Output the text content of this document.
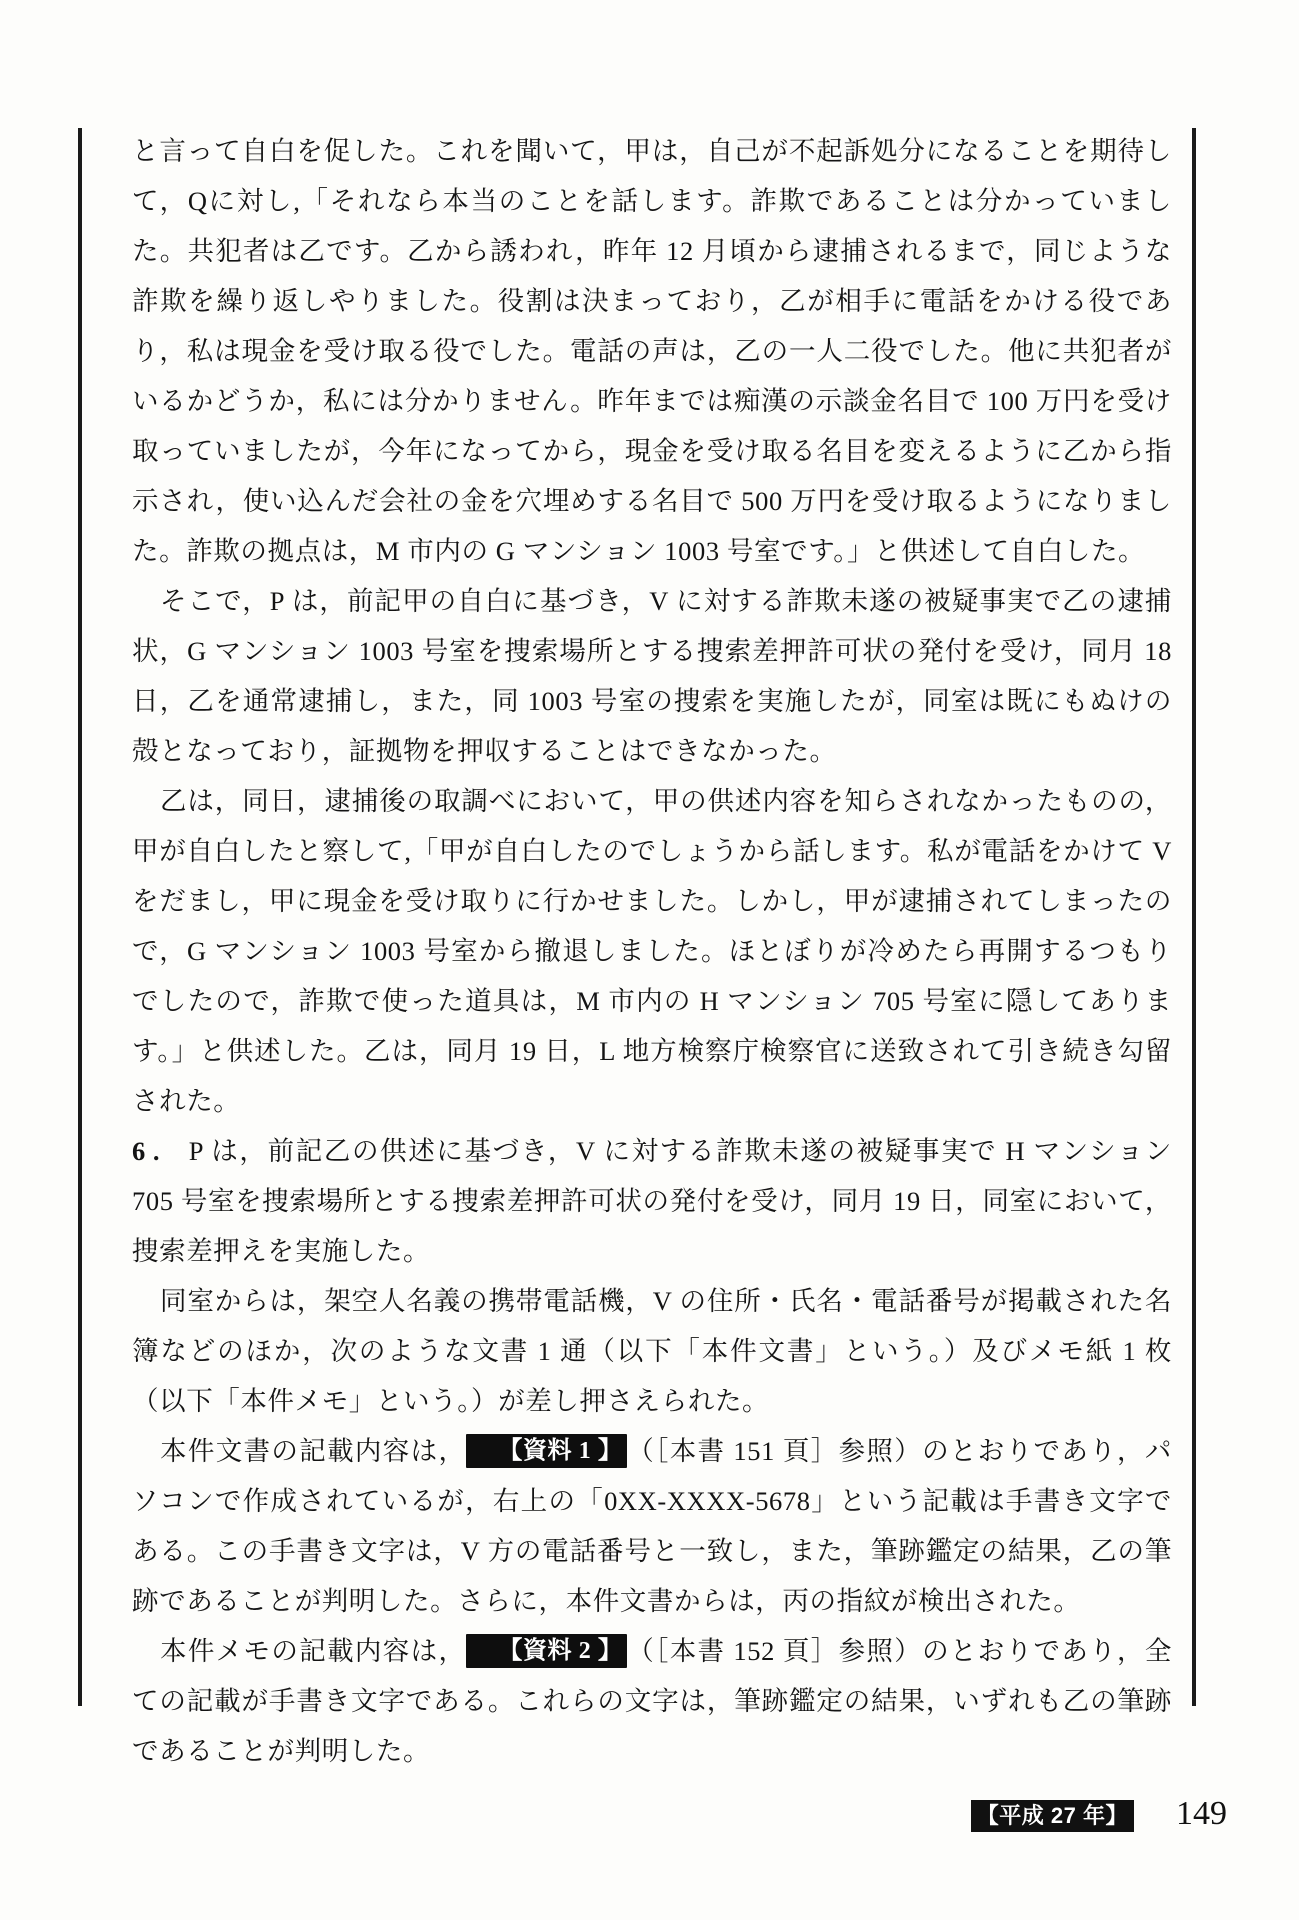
と言って自白を促した。これを聞いて，甲は，自己が不起訴処分になることを期待して，Qに対し,「それなら本当のことを話します。詐欺であることは分かっていました。共犯者は乙です。乙から誘われ，昨年 12 月頃から逮捕されるまで，同じような詐欺を繰り返しやりました。役割は決まっており，乙が相手に電話をかける役であり，私は現金を受け取る役でした。電話の声は，乙の一人二役でした。他に共犯者がいるかどうか，私には分かりません。昨年までは痴漢の示談金名目で 100 万円を受け取っていましたが，今年になってから，現金を受け取る名目を変えるように乙から指示され，使い込んだ会社の金を穴埋めする名目で 500 万円を受け取るようになりました。詐欺の拠点は，M 市内の G マンション 1003 号室です。」と供述して自白した。

そこで，P は，前記甲の自白に基づき，V に対する詐欺未遂の被疑事実で乙の逮捕状，G マンション 1003 号室を捜索場所とする捜索差押許可状の発付を受け，同月 18 日，乙を通常逮捕し，また，同 1003 号室の捜索を実施したが，同室は既にもぬけの殻となっており，証拠物を押収することはできなかった。

乙は，同日，逮捕後の取調べにおいて，甲の供述内容を知らされなかったものの，甲が自白したと察して,「甲が自白したのでしょうから話します。私が電話をかけて V をだまし，甲に現金を受け取りに行かせました。しかし，甲が逮捕されてしまったので，G マンション 1003 号室から撤退しました。ほとぼりが冷めたら再開するつもりでしたので，詐欺で使った道具は，M 市内の H マンション 705 号室に隠してあります。」と供述した。乙は，同月 19 日，L 地方検察庁検察官に送致されて引き続き勾留された。

6 .　P は，前記乙の供述に基づき，V に対する詐欺未遂の被疑事実で H マンション 705 号室を捜索場所とする捜索差押許可状の発付を受け，同月 19 日，同室において，捜索差押えを実施した。

同室からは，架空人名義の携帯電話機，V の住所・氏名・電話番号が掲載された名簿などのほか，次のような文書 1 通（以下「本件文書」という。）及びメモ紙 1 枚（以下「本件メモ」という。）が差し押さえられた。

本件文書の記載内容は， 【資料 1 】 （［本書 151 頁］参照）のとおりであり，パソコンで作成されているが，右上の「0XX-XXXX-5678」という記載は手書き文字である。この手書き文字は，V 方の電話番号と一致し，また，筆跡鑑定の結果，乙の筆跡であることが判明した。さらに，本件文書からは，丙の指紋が検出された。

本件メモの記載内容は， 【資料 2 】 （［本書 152 頁］参照）のとおりであり，全ての記載が手書き文字である。これらの文字は，筆跡鑑定の結果，いずれも乙の筆跡であることが判明した。

【平成 27 年】 149
